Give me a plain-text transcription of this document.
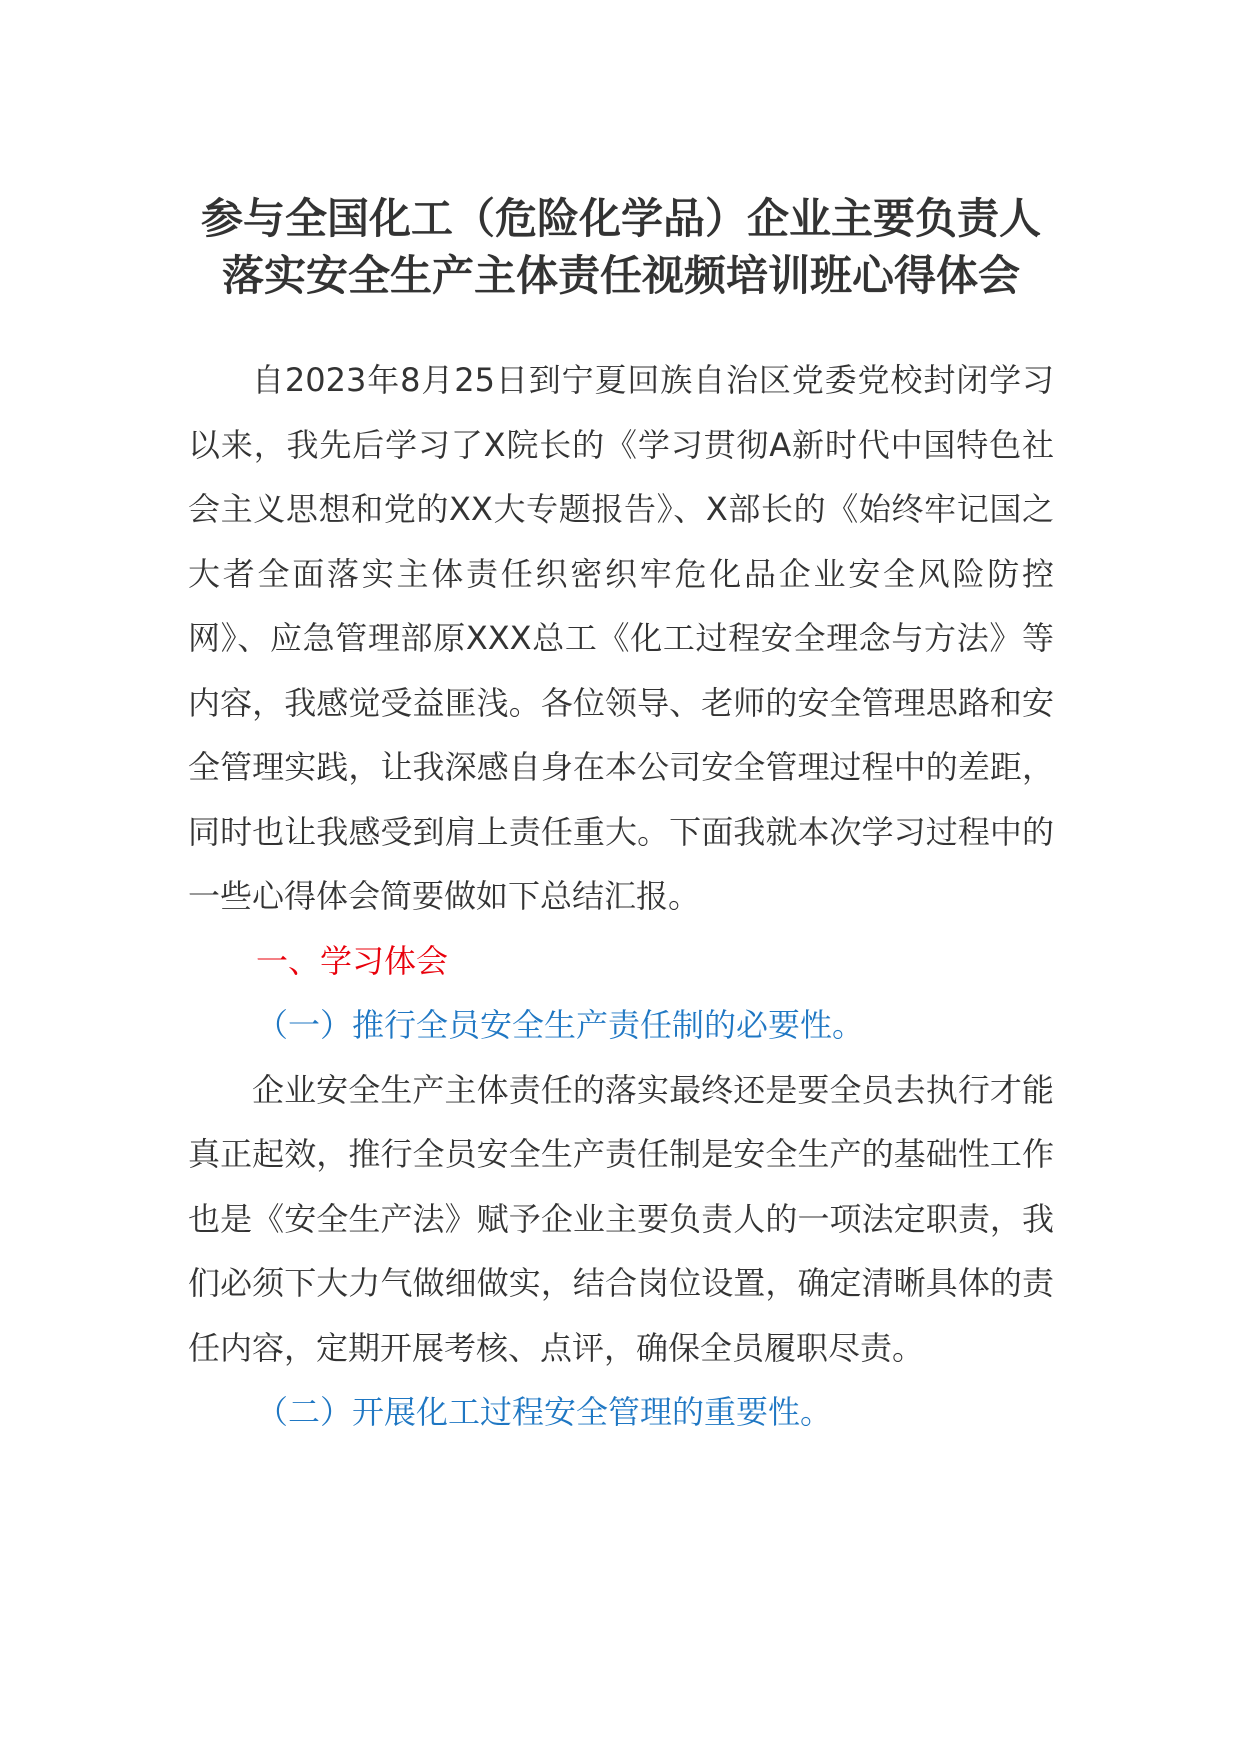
参与全国化工（危险化学品）企业主要负责人落实安全生产主体责任视频培训班心得体会

自2023年8月25日到宁夏回族自治区党委党校封闭学习以来，我先后学习了X院长的《学习贯彻A新时代中国特色社会主义思想和党的XX大专题报告》、X部长的《始终牢记国之大者全面落实主体责任织密织牢危化品企业安全风险防控网》、应急管理部原XXX总工《化工过程安全理念与方法》等内容，我感觉受益匪浅。各位领导、老师的安全管理思路和安全管理实践，让我深感自身在本公司安全管理过程中的差距，同时也让我感受到肩上责任重大。下面我就本次学习过程中的一些心得体会简要做如下总结汇报。

一、学习体会

（一）推行全员安全生产责任制的必要性。

企业安全生产主体责任的落实最终还是要全员去执行才能真正起效，推行全员安全生产责任制是安全生产的基础性工作也是《安全生产法》赋予企业主要负责人的一项法定职责，我们必须下大力气做细做实，结合岗位设置，确定清晰具体的责任内容，定期开展考核、点评，确保全员履职尽责。

（二）开展化工过程安全管理的重要性。
